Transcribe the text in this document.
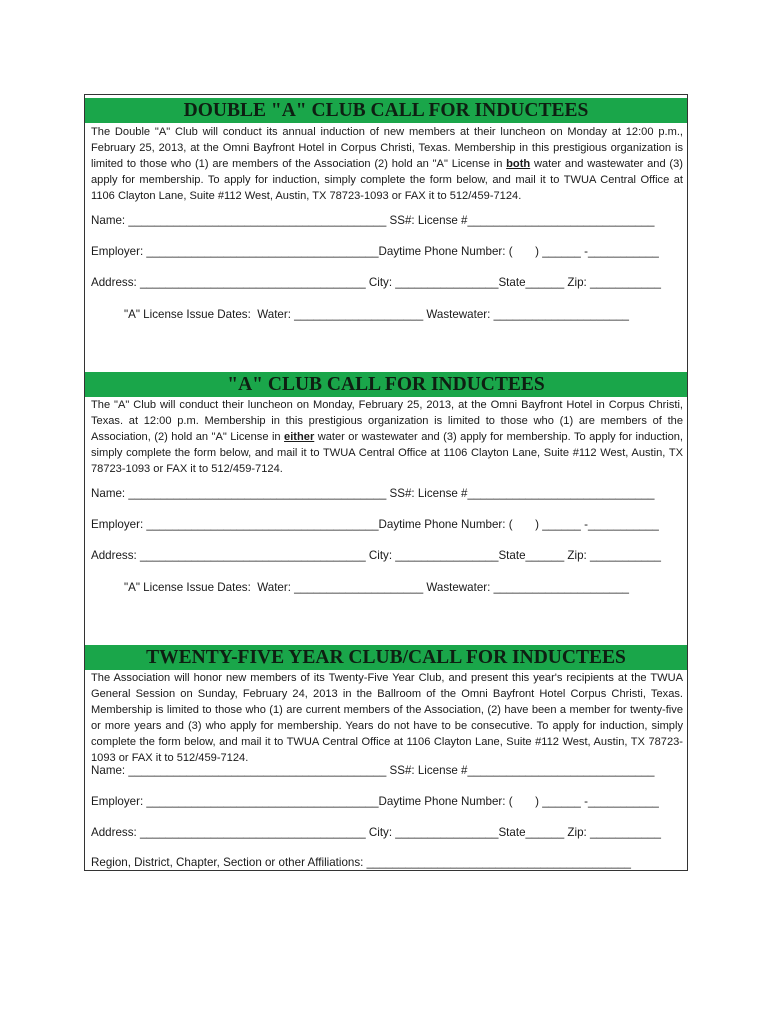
DOUBLE "A" CLUB CALL FOR INDUCTEES
The Double "A" Club will conduct its annual induction of new members at their luncheon on Monday at 12:00 p.m., February 25, 2013, at the Omni Bayfront Hotel in Corpus Christi, Texas. Membership in this prestigious organization is limited to those who (1) are members of the Association (2) hold an "A" License in both water and wastewater and (3) apply for membership. To apply for induction, simply complete the form below, and mail it to TWUA Central Office at 1106 Clayton Lane, Suite #112 West, Austin, TX 78723-1093 or FAX it to 512/459-7124.
Name: ________________________________________ SS#: License #_____________________________
Employer: ____________________________________Daytime Phone Number: (       ) ______ -___________
Address: ___________________________________ City: ________________State______ Zip: ___________
"A" License Issue Dates:  Water: ____________________ Wastewater: _____________________
"A" CLUB CALL FOR INDUCTEES
The "A" Club will conduct their luncheon on Monday, February 25, 2013, at the Omni Bayfront Hotel in Corpus Christi, Texas. at 12:00 p.m. Membership in this prestigious organization is limited to those who (1) are members of the Association, (2) hold an "A" License in either water or wastewater and (3) apply for membership. To apply for induction, simply complete the form below, and mail it to TWUA Central Office at 1106 Clayton Lane, Suite #112 West, Austin, TX 78723-1093 or FAX it to 512/459-7124.
Name: ________________________________________ SS#: License #_____________________________
Employer: ____________________________________Daytime Phone Number: (       ) ______ -___________
Address: ___________________________________ City: ________________State______ Zip: ___________
"A" License Issue Dates:  Water: ____________________ Wastewater: _____________________
TWENTY-FIVE YEAR CLUB/CALL FOR INDUCTEES
The Association will honor new members of its Twenty-Five Year Club, and present this year's recipients at the TWUA General Session on Sunday, February 24, 2013 in the Ballroom of the Omni Bayfront Hotel Corpus Christi, Texas. Membership is limited to those who (1) are current members of the Association, (2) have been a member for twenty-five or more years and (3) who apply for membership. Years do not have to be consecutive. To apply for induction, simply complete the form below, and mail it to TWUA Central Office at 1106 Clayton Lane, Suite #112 West, Austin, TX 78723-1093 or FAX it to 512/459-7124.
Name: ________________________________________ SS#: License #_____________________________
Employer: ____________________________________Daytime Phone Number: (       ) ______ -___________
Address: ___________________________________ City: ________________State______ Zip: ___________
Region, District, Chapter, Section or other Affiliations: _________________________________________
